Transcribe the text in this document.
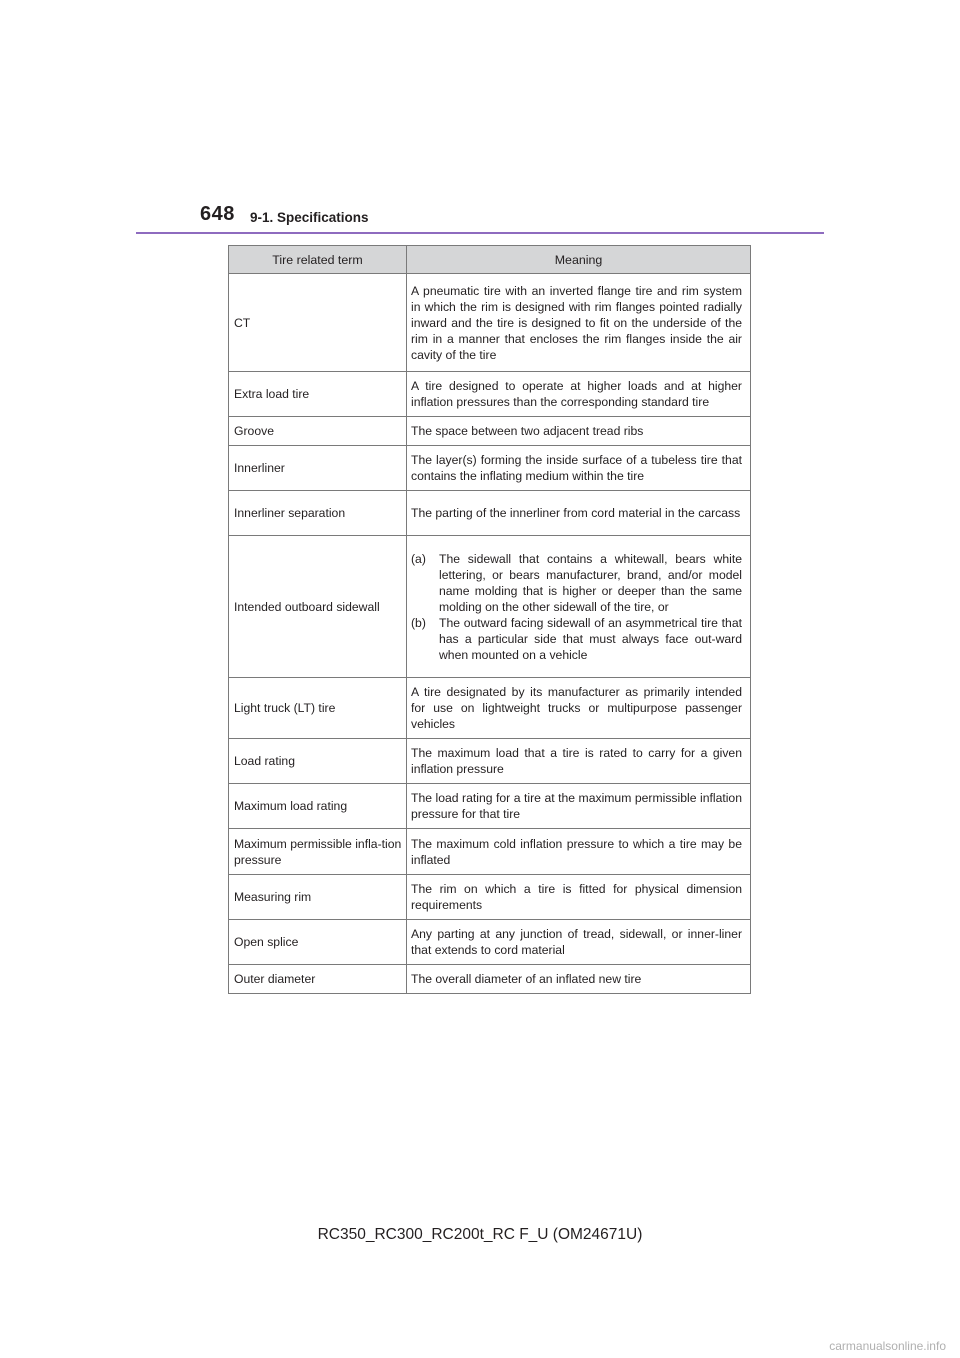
648 9-1. Specifications
Tire related term	Meaning
CT	A pneumatic tire with an inverted flange tire and rim system in which the rim is designed with rim flanges pointed radially inward and the tire is designed to fit on the underside of the rim in a manner that encloses the rim flanges inside the air cavity of the tire
Extra load tire	A tire designed to operate at higher loads and at higher inflation pressures than the corresponding standard tire
Groove	The space between two adjacent tread ribs
Innerliner	The layer(s) forming the inside surface of a tubeless tire that contains the inflating medium within the tire
Innerliner separation	The parting of the innerliner from cord material in the carcass
Intended outboard sidewall	(a) The sidewall that contains a whitewall, bears white lettering, or bears manufacturer, brand, and/or model name molding that is higher or deeper than the same molding on the other sidewall of the tire, or
(b) The outward facing sidewall of an asymmetrical tire that has a particular side that must always face out-ward when mounted on a vehicle

Light truck (LT) tire	A tire designated by its manufacturer as primarily intended for use on lightweight trucks or multipurpose passenger vehicles
Load rating	The maximum load that a tire is rated to carry for a given inflation pressure
Maximum load rating	The load rating for a tire at the maximum permissible inflation pressure for that tire
Maximum permissible infla-tion pressure	The maximum cold inflation pressure to which a tire may be inflated
Measuring rim	The rim on which a tire is fitted for physical dimension requirements
Open splice	Any parting at any junction of tread, sidewall, or inner-liner that extends to cord material
Outer diameter	The overall diameter of an inflated new tire
RC350_RC300_RC200t_RC F_U (OM24671U)
carmanualsonline.info
